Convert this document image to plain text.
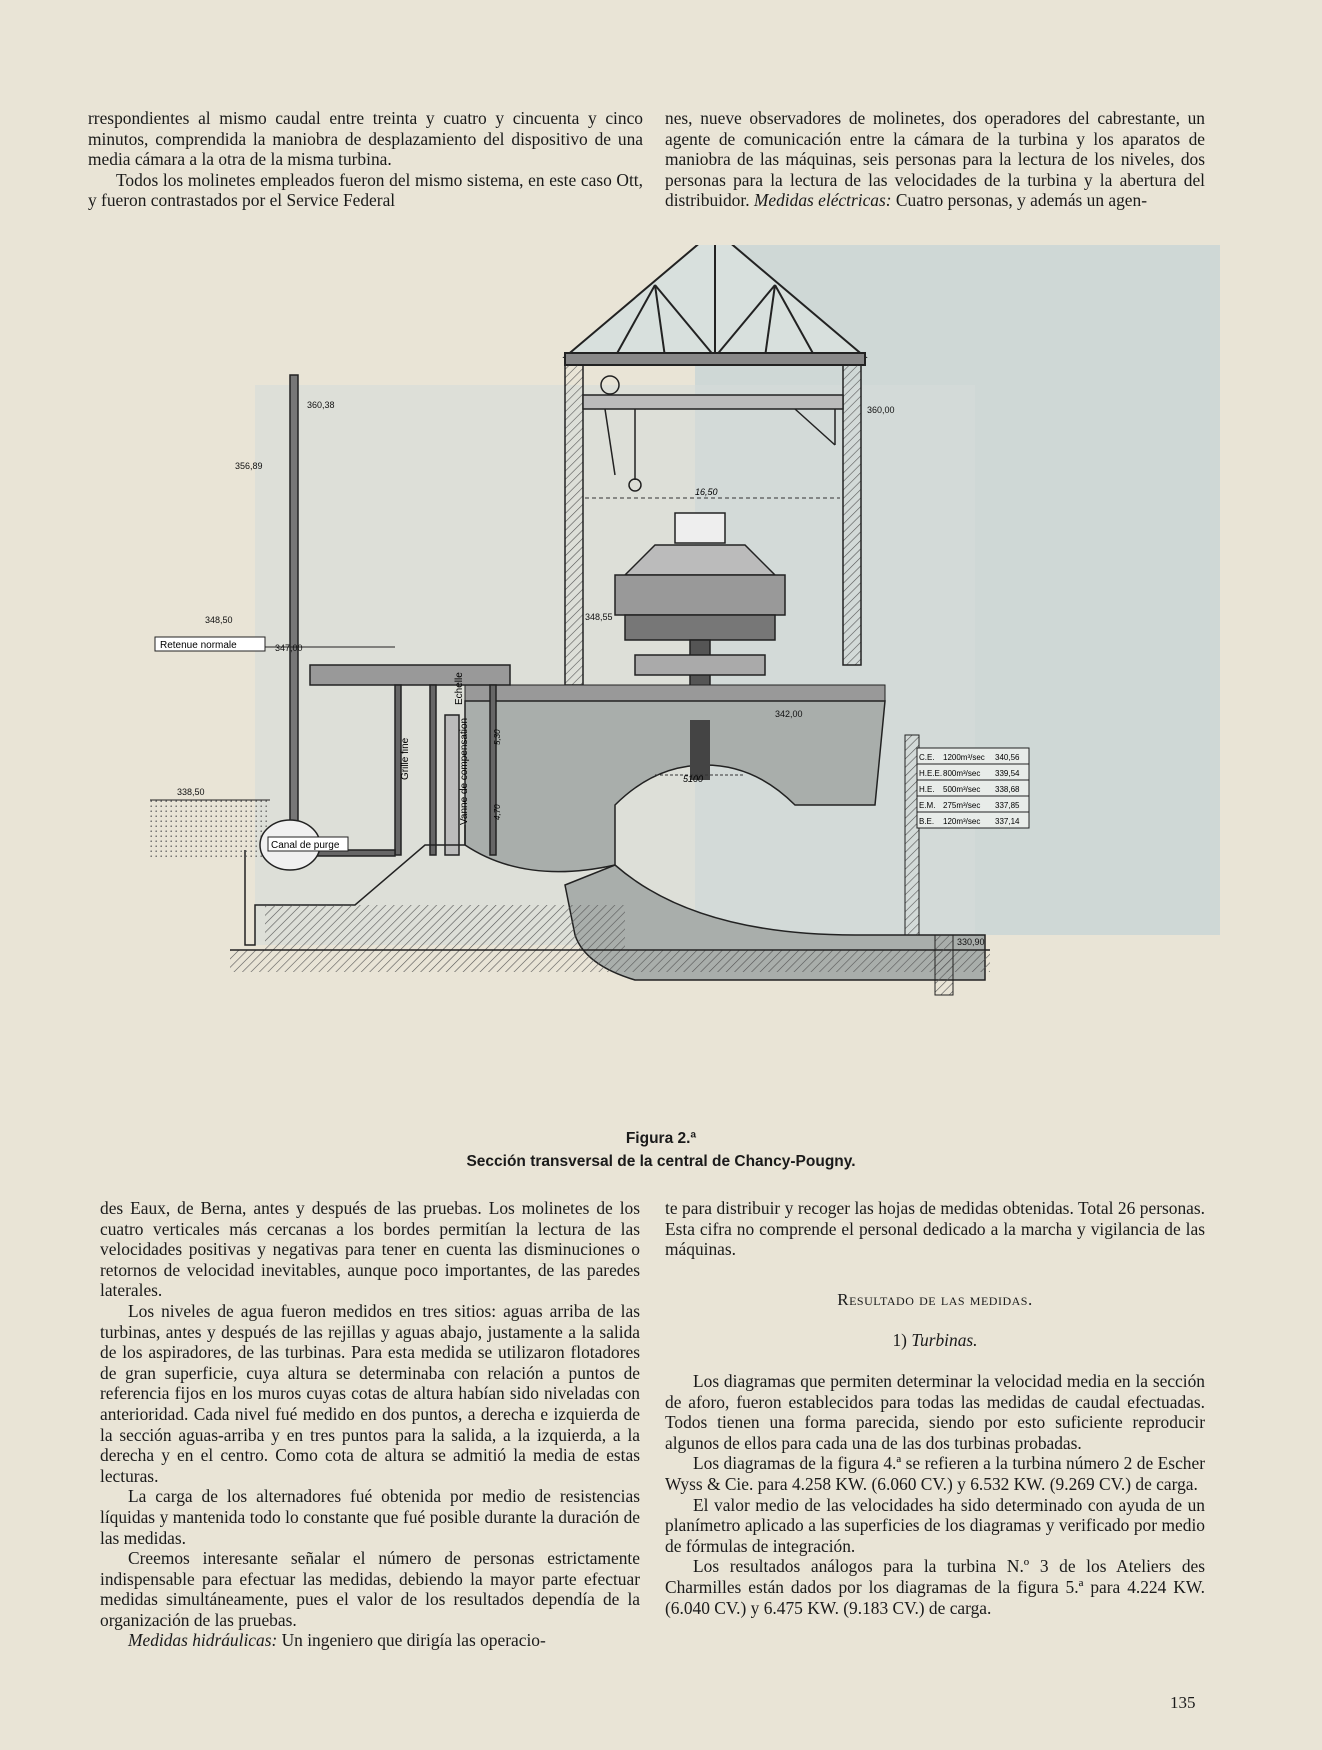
rrespondientes al mismo caudal entre treinta y cuatro y cincuenta y cinco minutos, comprendida la maniobra de desplazamiento del dispositivo de una media cámara a la otra de la misma turbina.

Todos los molinetes empleados fueron del mismo sistema, en este caso Ott, y fueron contrastados por el Service Federal

nes, nueve observadores de molinetes, dos operadores del cabrestante, un agente de comunicación entre la cámara de la turbina y los aparatos de maniobra de las máquinas, seis personas para la lectura de los niveles, dos personas para la lectura de las velocidades de la turbina y la abertura del distribuidor. Medidas eléctricas: Cuatro personas, y además un agen-

16,50
5100
Retenue normale
Canal de purge
Echelle
Grille fine	Vanne de compensation	5,30
4,70
360,00
360,38
356,89
348,55
348,50
347,00
342,00
338,50
330,90
C.E. 1200m³/sec 340,56
H.E.E. 800m³/sec 339,54
H.E. 500m³/sec 338,68
E.M. 275m³/sec 337,85
B.E. 120m³/sec 337,14
Figura 2.ª
Sección transversal de la central de Chancy-Pougny.

des Eaux, de Berna, antes y después de las pruebas. Los molinetes de los cuatro verticales más cercanas a los bordes permitían la lectura de las velocidades positivas y negativas para tener en cuenta las disminuciones o retornos de velocidad inevitables, aunque poco importantes, de las paredes laterales.

Los niveles de agua fueron medidos en tres sitios: aguas arriba de las turbinas, antes y después de las rejillas y aguas abajo, justamente a la salida de los aspiradores, de las turbinas. Para esta medida se utilizaron flotadores de gran superficie, cuya altura se determinaba con relación a puntos de referencia fijos en los muros cuyas cotas de altura habían sido niveladas con anterioridad. Cada nivel fué medido en dos puntos, a derecha e izquierda de la sección aguas-arriba y en tres puntos para la salida, a la izquierda, a la derecha y en el centro. Como cota de altura se admitió la media de estas lecturas.

La carga de los alternadores fué obtenida por medio de resistencias líquidas y mantenida todo lo constante que fué posible durante la duración de las medidas.

Creemos interesante señalar el número de personas estrictamente indispensable para efectuar las medidas, debiendo la mayor parte efectuar medidas simultáneamente, pues el valor de los resultados dependía de la organización de las pruebas.

Medidas hidráulicas: Un ingeniero que dirigía las operacio-

te para distribuir y recoger las hojas de medidas obtenidas. Total 26 personas. Esta cifra no comprende el personal dedicado a la marcha y vigilancia de las máquinas.

Resultado de las medidas.
1) Turbinas.

Los diagramas que permiten determinar la velocidad media en la sección de aforo, fueron establecidos para todas las medidas de caudal efectuadas. Todos tienen una forma parecida, siendo por esto suficiente reproducir algunos de ellos para cada una de las dos turbinas probadas.

Los diagramas de la figura 4.ª se refieren a la turbina número 2 de Escher Wyss & Cie. para 4.258 KW. (6.060 CV.) y 6.532 KW. (9.269 CV.) de carga.

El valor medio de las velocidades ha sido determinado con ayuda de un planímetro aplicado a las superficies de los diagramas y verificado por medio de fórmulas de integración.

Los resultados análogos para la turbina N.º 3 de los Ateliers des Charmilles están dados por los diagramas de la figura 5.ª para 4.224 KW. (6.040 CV.) y 6.475 KW. (9.183 CV.) de carga.

135
